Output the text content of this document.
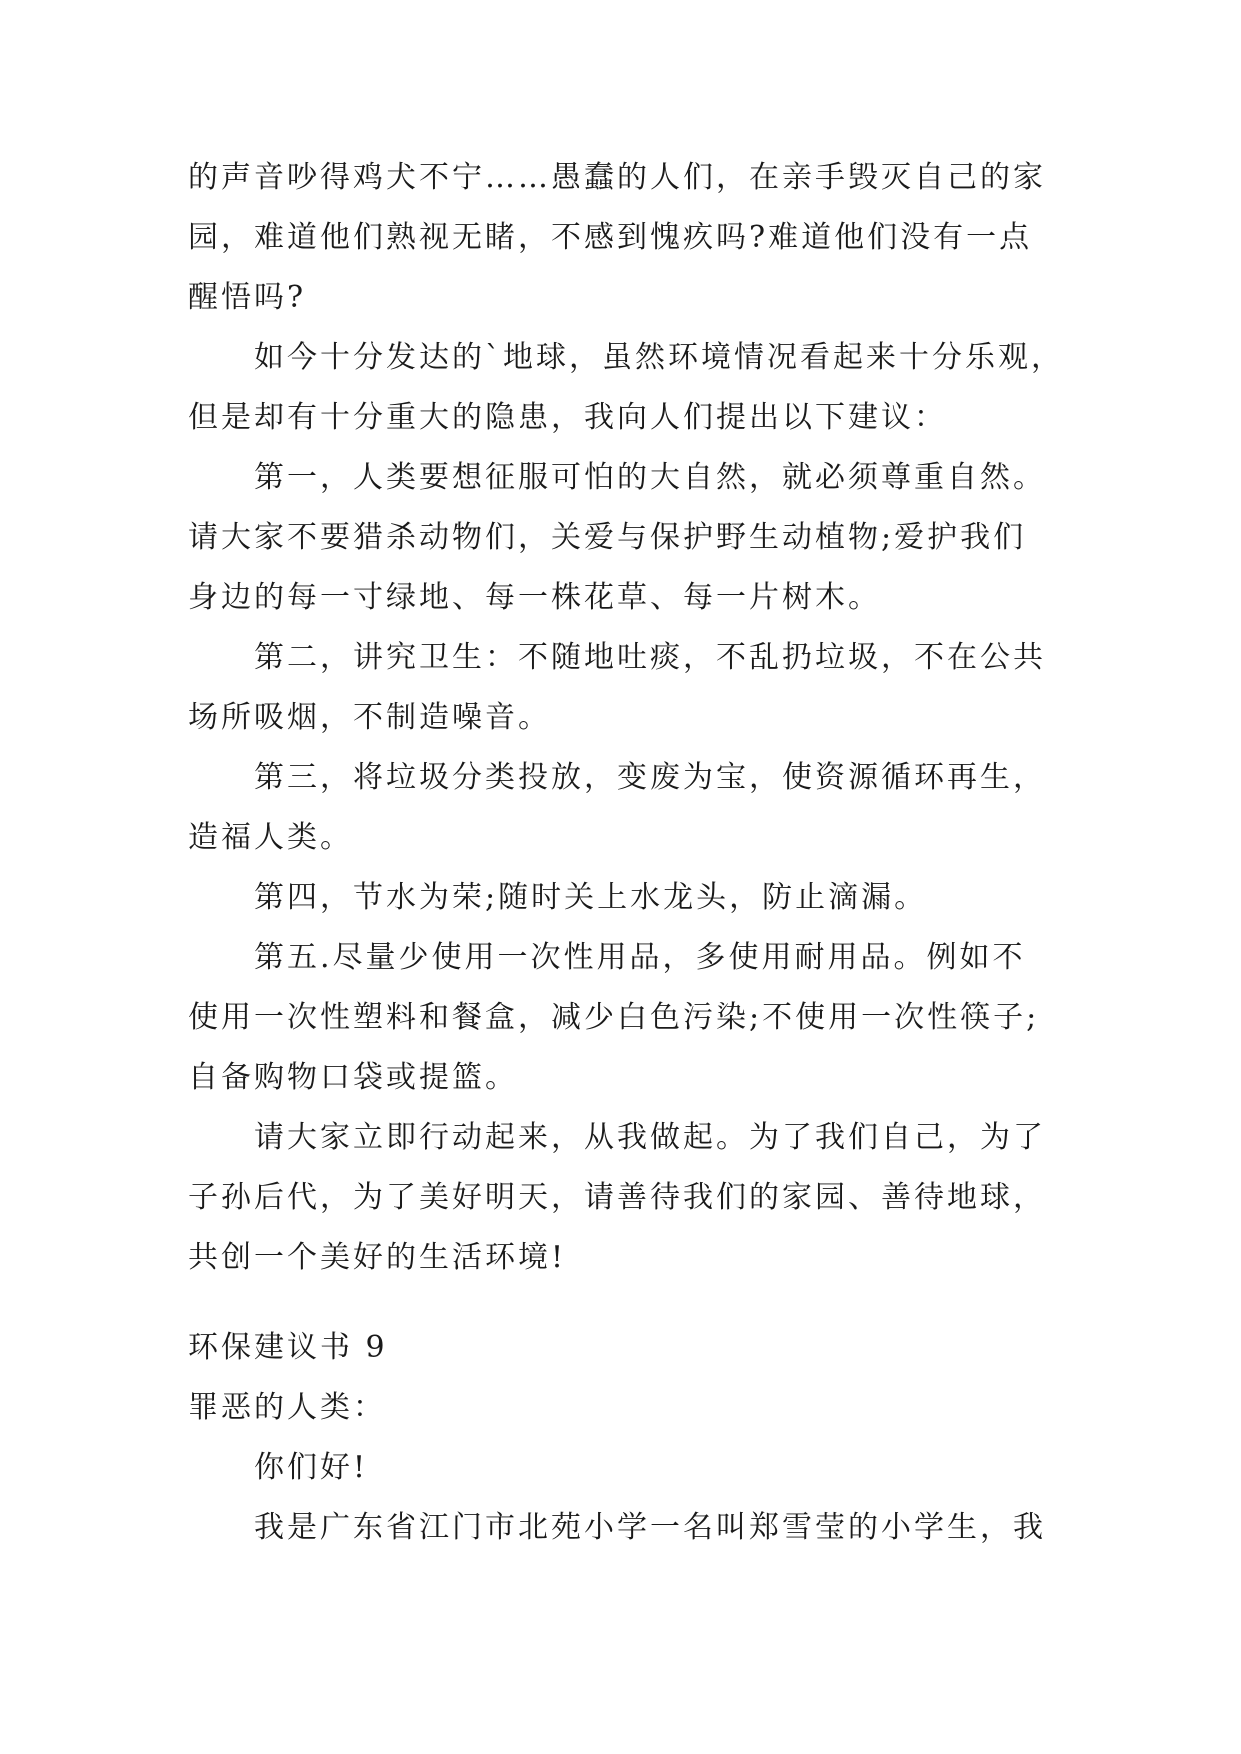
的声音吵得鸡犬不宁……愚蠢的人们，在亲手毁灭自己的家
园，难道他们熟视无睹，不感到愧疚吗?难道他们没有一点
醒悟吗?
如今十分发达的`地球，虽然环境情况看起来十分乐观，
但是却有十分重大的隐患，我向人们提出以下建议：
第一，人类要想征服可怕的大自然，就必须尊重自然。
请大家不要猎杀动物们，关爱与保护野生动植物;爱护我们
身边的每一寸绿地、每一株花草、每一片树木。
第二，讲究卫生：不随地吐痰，不乱扔垃圾，不在公共
场所吸烟，不制造噪音。
第三，将垃圾分类投放，变废为宝，使资源循环再生，
造福人类。
第四，节水为荣;随时关上水龙头，防止滴漏。
第五.尽量少使用一次性用品，多使用耐用品。例如不
使用一次性塑料和餐盒，减少白色污染;不使用一次性筷子;
自备购物口袋或提篮。
请大家立即行动起来，从我做起。为了我们自己，为了
子孙后代，为了美好明天，请善待我们的家园、善待地球，
共创一个美好的生活环境!
环保建议书 9
罪恶的人类：
你们好!
我是广东省江门市北苑小学一名叫郑雪莹的小学生，我
